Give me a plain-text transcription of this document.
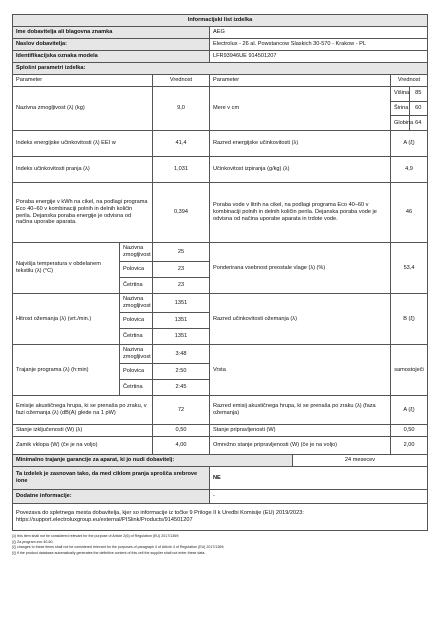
Informacijski list izdelka
Ime dobavitelja ali blagovna znamka	AEG
Naslov dobavitelja:	Electrolux - 26 al. Powstancow Slaskich 30-570 - Krakow - PL
Identifikacijska oznaka modela	LFR93946UE 914501207
Splošni parametri izdelka:
Parameter	Vrednost	Parameter	Vrednost
Nazivna zmogljivost (λ) (kg)	9,0	Mere v cm	
Višina	85
Širina	60
Globina	64

Indeks energijske učinkovitosti (λ) EEI w	41,4	Razred energijske učinkovitosti (λ)	A (ξ)
Indeks učinkovitosti pranja (λ)	1,031	Učinkovitost izpiranja (g/kg) (λ)	4,9
Poraba energije v kWh na cikel, na podlagi programa Eco 40–60 v kombinaciji polnih in delnih količin perila. Dejanska poraba energije je odvisna od načina uporabe aparata.	0,394	Poraba vode v litrih na cikel, na podlagi programa Eco 40–60 v kombinaciji polnih in delnih količin perila. Dejanska poraba vode je odvisna od načina uporabe aparata in trdote vode.	46
Najvišja temperatura v obdelanem tekstilu (λ) (°C)	Nazivna zmogljivost	25	Ponderirana vsebnost preostale vlage (λ) (%)	53,4
Polovica	23
Četrtina	23
Hitrost ožemanja (λ) (vrt./min.)	Nazivna zmogljivost	1351	Razred učinkovitosti ožemanja (λ)	B (ξ)
Polovica	1351
Četrtina	1351
Trajanje programa (λ) (h:min)	Nazivna zmogljivost	3:48	Vrsta	samostoječi
Polovica	2:50
Četrtina	2:45
Emisije akustičnega hrupa, ki se prenaša po zraku, v fazi ožemanja (λ) (dB(A) glede na 1 pW)	72	Razred emisij akustičnega hrupa, ki se prenaša po zraku (λ) (faza ožemanja)	A (ξ)
Stanje izključenosti (W) (λ)	0,50	Stanje pripravljenosti (W)	0,50
Zamik vklopa (W) (če je na voljo)	4,00	Omrežno stanje pripravljenosti (W) (če je na voljo)	2,00
Minimalno trajanje garancije za aparat, ki jo nudi dobavitelj:	24 mesecev
Ta izdelek je zasnovan tako, da med ciklom pranja sprošča srebrove ione	NE
Dodatne informacije:	-
Povezava do spletnega mesta dobavitelja, kjer so informacije iz točke 9 Priloge II k Uredbi Komisije (EU) 2019/2023: https://support.electroluxgroup.eu/external/PISlink/Products/914501207
(λ) this item shall not be considered relevant for the purpose of Article 2(6) of Regulation (EU) 2017/1369;
(ξ) Za program eco 40-60.
(ξ) changes to these items shall not be considered relevant for the purposes of paragraph 4 of Article 4 of Regulation (EU) 2017/1369;
(ξ) if the product database automatically generates the definitive content of this cell the supplier shall not enter these data.
